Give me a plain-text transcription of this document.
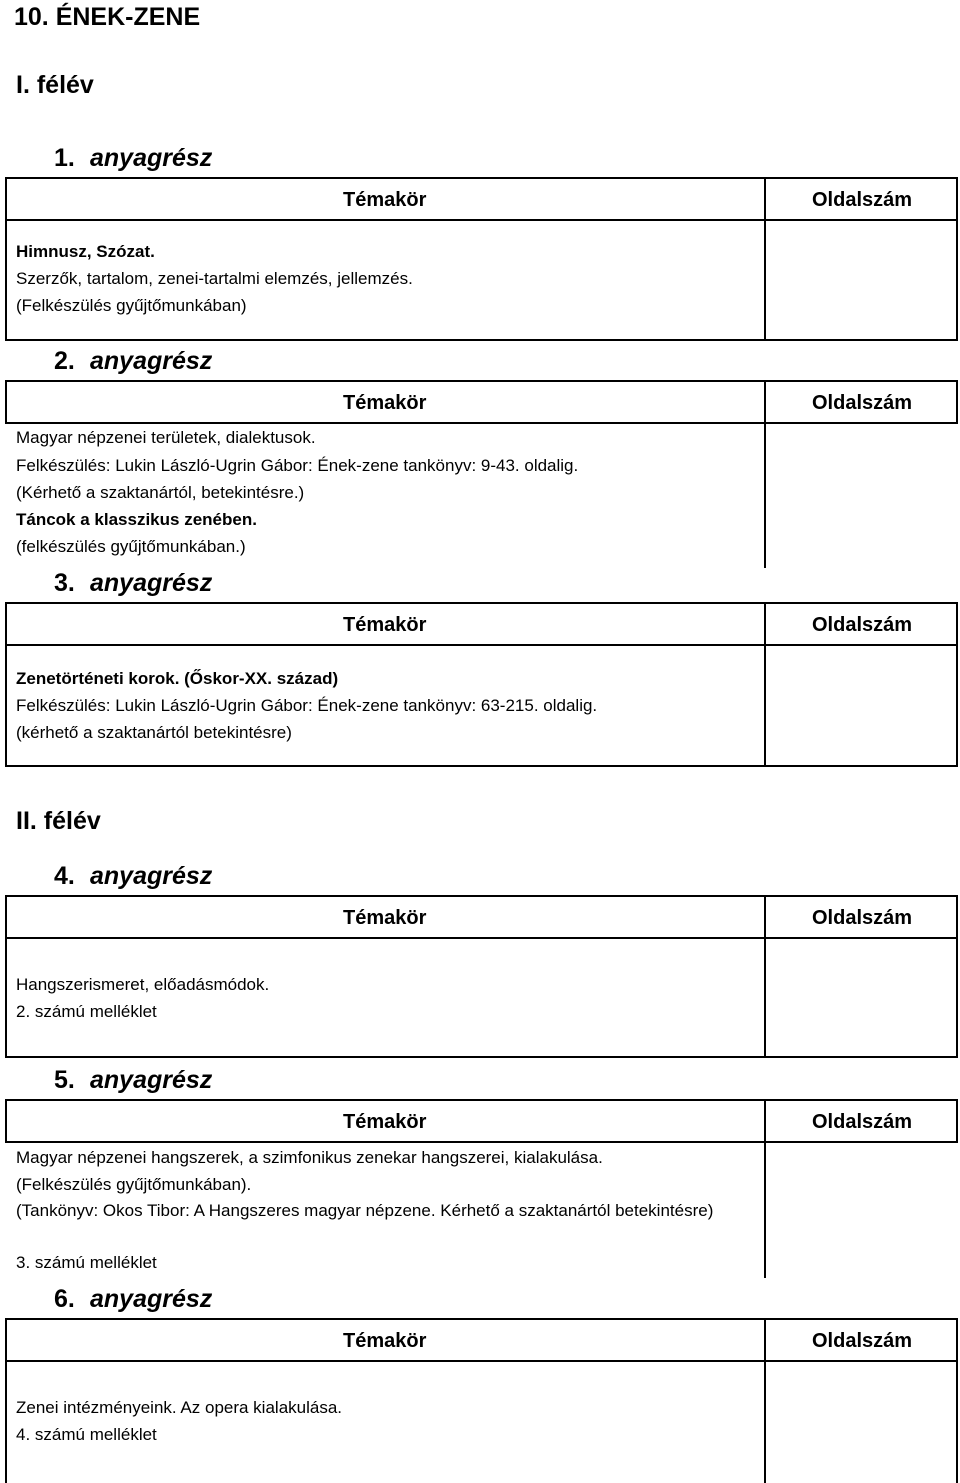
10. ÉNEK-ZENE
I. félév
1. anyagrész
Témakör	Oldalszám
Himnusz, Szózat.
Szerzők, tartalom, zenei-tartalmi elemzés, jellemzés.
(Felkészülés gyűjtőmunkában)
2. anyagrész
Témakör	Oldalszám
Magyar népzenei területek, dialektusok.
Felkészülés: Lukin László-Ugrin Gábor: Ének-zene tankönyv: 9-43. oldalig.
(Kérhető a szaktanártól, betekintésre.)
Táncok a klasszikus zenében.
(felkészülés gyűjtőmunkában.)
3. anyagrész
Témakör	Oldalszám
Zenetörténeti korok. (Őskor-XX. század)
Felkészülés: Lukin László-Ugrin Gábor: Ének-zene tankönyv: 63-215. oldalig.
(kérhető a szaktanártól betekintésre)
II. félév
4. anyagrész
Témakör	Oldalszám
Hangszerismeret, előadásmódok.
2. számú melléklet
5. anyagrész
Témakör	Oldalszám
Magyar népzenei hangszerek, a szimfonikus zenekar hangszerei, kialakulása.
(Felkészülés gyűjtőmunkában).
(Tankönyv: Okos Tibor: A Hangszeres magyar népzene. Kérhető a szaktanártól betekintésre)
3. számú melléklet
6. anyagrész
Témakör	Oldalszám
Zenei intézményeink. Az opera kialakulása.
4. számú melléklet
